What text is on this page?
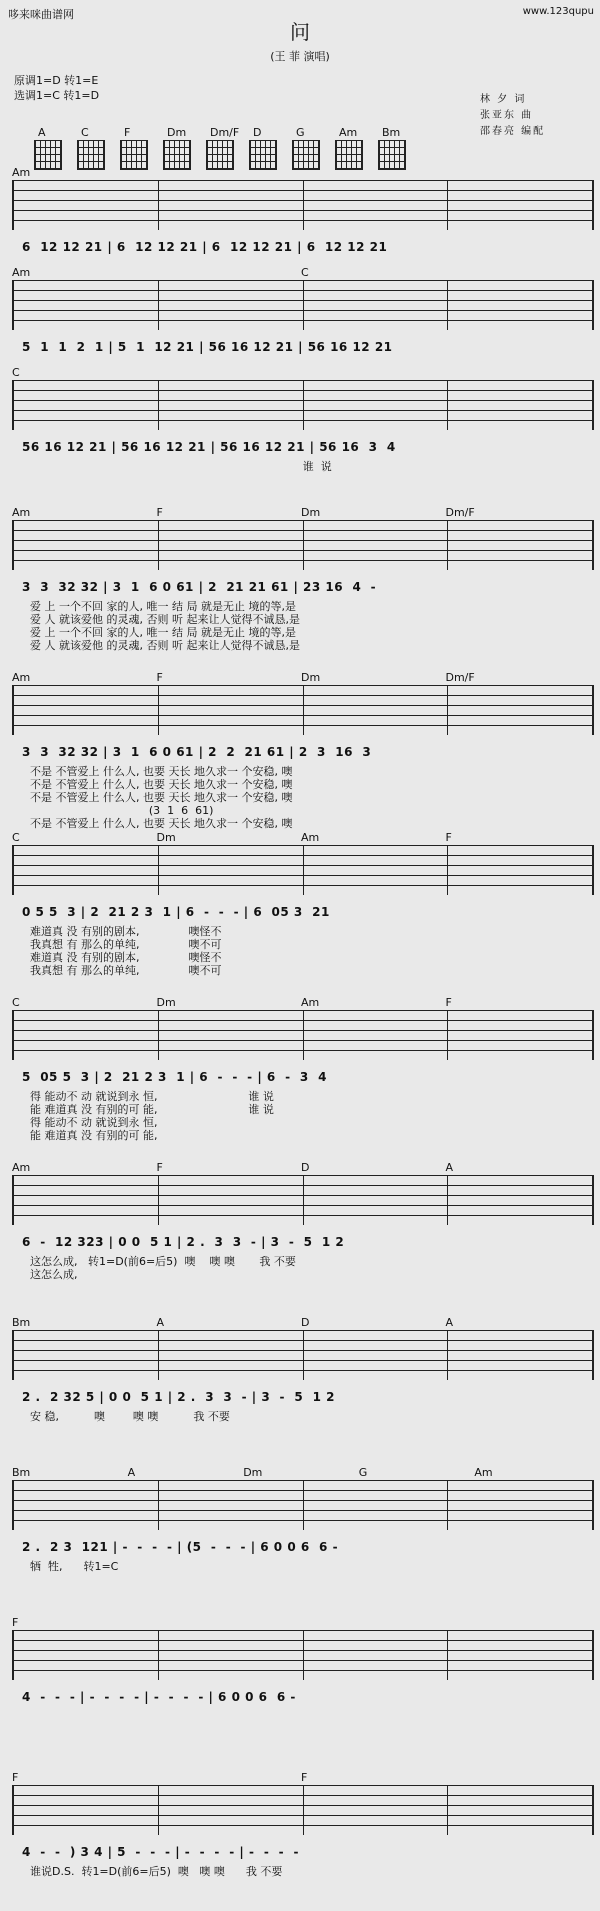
哆来咪曲谱网	www.123qupu
问
(王 菲 演唱)
原调1=D 转1=E
选调1=C 转1=D	林 夕 词
张亚东 曲
邵春亮 编配
Am
6  12 12 21 | 6  12 12 21 | 6  12 12 21 | 6  12 12 21
Am	C
5  1  1  2  1 | 5  1  12 21 | 56 16 12 21 | 56 16 12 21
C
56 16 12 21 | 56 16 12 21 | 56 16 12 21 | 56 16  3  4
谁  说
Am	F	Dm	Dm/F
3  3  32 32 | 3  1  6 0 61 | 2  21 21 61 | 23 16  4  -
爱 上 一个不回 家的人, 唯一 结 局 就是无止 境的等,是
爱 人 就该爱他 的灵魂, 否则 听 起来让人觉得不诚恳,是
爱 上 一个不回 家的人, 唯一 结 局 就是无止 境的等,是
爱 人 就该爱他 的灵魂, 否则 听 起来让人觉得不诚恳,是
Am	F	Dm	Dm/F
3  3  32 32 | 3  1  6 0 61 | 2  2  21 61 | 2  3  16  3
不是 不管爱上 什么人, 也要 天长 地久求一 个安稳, 噢
不是 不管爱上 什么人, 也要 天长 地久求一 个安稳, 噢
不是 不管爱上 什么人, 也要 天长 地久求一 个安稳, 噢
(3  1  6  61)
不是 不管爱上 什么人, 也要 天长 地久求一 个安稳, 噢
C	Dm	Am	F
0 5 5  3 | 2  21 2 3  1 | 6  -  -  - | 6  05 3  21
难道真 没 有别的剧本,              噢怪不
我真想 有 那么的单纯,              噢不可
难道真 没 有别的剧本,              噢怪不
我真想 有 那么的单纯,              噢不可
C	Dm	Am	F
5  05 5  3 | 2  21 2 3  1 | 6  -  -  - | 6  -  3  4
得 能动不 动 就说到永 恒,                          谁 说
能 难道真 没 有别的可 能,                          谁 说
得 能动不 动 就说到永 恒,
能 难道真 没 有别的可 能,
Am	F	D	A
6  -  12 323 | 0 0  5 1 | 2 .  3  3  - | 3  -  5  1 2
这怎么成,   转1=D(前6=后5)  噢    噢 噢       我 不要
这怎么成,
Bm	A	D	A
2 .  2 32 5 | 0 0  5 1 | 2 .  3  3  - | 3  -  5  1 2
安 稳,          噢        噢 噢          我 不要
Bm	A	Dm	G	Am
2 .  2 3  121 | -  -  -  - | (5  -  -  - | 6 0 0 6  6 -
牺  牲,      转1=C
F
4  -  -  - | -  -  -  - | -  -  -  - | 6 0 0 6  6 -
F	F
4  -  -  ) 3 4 | 5  -  -  - | -  -  -  - | -  -  -  -
谁说D.S.  转1=D(前6=后5)  噢   噢 噢      我 不要
A	C	F	Dm Dm/F D	G	Am Bm
